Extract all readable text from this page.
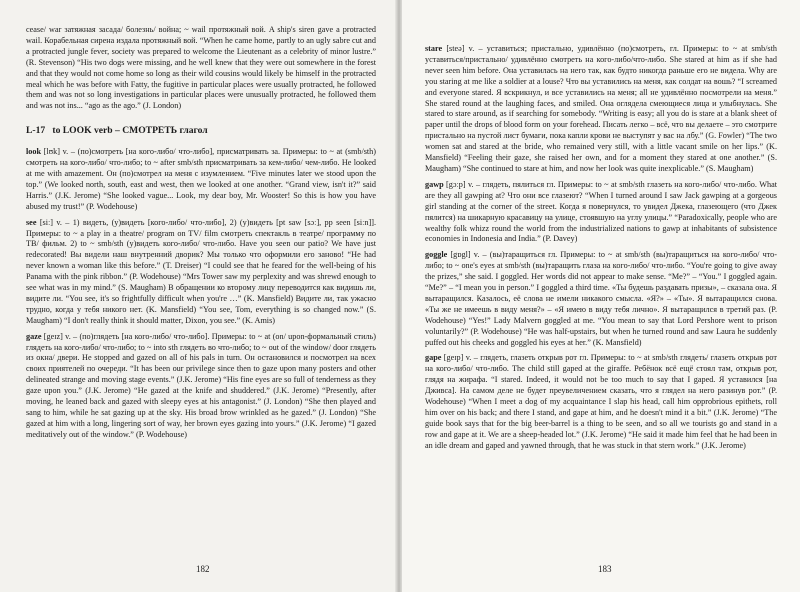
cease/ war затяжная засада/ болезнь/ война; ~ wail протяжный вой. A ship's siren gave a protracted wail. Корабельная сирена издала протяжный вой. “When he came home, partly to an ugly sabre cut and a protracted jungle fever, society was prepared to welcome the Lieutenant as a celebrity of minor lustre.” (R. Stevenson) “His two dogs were missing, and he well knew that they were out somewhere in the forest and that they would not come home so long as their wild cousins would likely be himself in the protracted meal which he was before with Fatty, the fugitive in particular places were usually protracted, he followed them and was not so long investigations in particular places were unusually protracted, he followed them and was not ins... “ago as the ago.” (J. London)

L-17 to LOOK verb – СМОТРЕТЬ глагол

look [lʊk] v. – (по)смотреть [на кого-либо/ что-либо], присматривать за. Примеры: to ~ at (smb/sth) смотреть на кого-либо/ что-либо; to ~ after smb/sth присматривать за кем-либо/ чем-либо. He looked at me with amazement. Он (по)смотрел на меня с изумлением. “Five minutes later we stood upon the top.” (We looked north, south, east and west, then we looked at one another. “Grand view, isn't it?” said Harris.” (J.K. Jerome) “She looked vague... Look, my dear boy, Mr. Wooster! So this is how you have abused my trust!” (P. Wodehouse)

see [siː] v. – 1) видеть, (у)видеть [кого-либо/ что-либо], 2) (у)видеть [pt saw [sɔː], pp seen [siːn]]. Примеры: to ~ a play in a theatre/ program on TV/ film смотреть спектакль в театре/ программу по ТВ/ фильм. 2) to ~ smb/sth (у)видеть кого-либо/ что-либо. Have you seen our patio? We have just redecorated! Вы видели наш внутренний дворик? Мы только что оформили его заново! “He had never known a woman like this before.” (T. Dreiser) “I could see that he feared for the well-being of his Panama with the pink ribbon.” (P. Wodehouse) “Mrs Tower saw my perplexity and was shrewd enough to see what was in my mind.” (S. Maugham) В обращении ко второму лицу переводится как видишь ли, видите ли. “You see, it's so frightfully difficult when you're …” (K. Mansfield) Видите ли, так ужасно трудно, когда у тебя никого нет. (K. Mansfield) “You see, Tom, everything is so changed now.” (S. Maugham) “I don't really think it should matter, Dixon, you see.” (K. Amis)

gaze [geɪz] v. – (по)глядеть [на кого-либо/ что-либо]. Примеры: to ~ at (on/ upon-формальный стиль) глядеть на кого-либо/ что-либо; to ~ into sth глядеть во что-либо; to ~ out of the window/ door глядеть из окна/ двери. He stopped and gazed on all of his pals in turn. Он остановился и посмотрел на всех своих приятелей по очереди. “It has been our privilege since then to gaze upon many posters and other delineated strange and moving stage events.” (J.K. Jerome) “His fine eyes are so full of tenderness as they gaze upon you.” (J.K. Jerome) “He gazed at the knife and shuddered.” (J.K. Jerome) “Presently, after moving, he leaned back and gazed with sleepy eyes at his antagonist.” (J. London) “She then played and sang to him, while he sat gazing up at the sky. His broad brow wrinkled as he gazed.” (J. London) “She gazed at him with a long, lingering sort of way, her brown eyes gazing into yours.” (J.K. Jerome) “I gazed meditatively out of the window.” (P. Wodehouse)

182

stare [steə] v. – уставиться; пристально, удивлённо (по)смотреть, гл. Примеры: to ~ at smb/sth уставиться/пристально/ удивлённо смотреть на кого-либо/что-либо. She stared at him as if she had never seen him before. Она уставилась на него так, как будто никогда раньше его не видела. Why are you staring at me like a soldier at a louse? Что вы уставились на меня, как солдат на вошь? “I screamed and everyone stared. Я вскрикнул, и все уставились на меня; all не удивлённо посмотрели на меня.” She stared round at the laughing faces, and smiled. Она оглядела смеющиеся лица и улыбнулась. She stared to stare around, as if searching for somebody. “Writing is easy; all you do is stare at a blank sheet of paper until the drops of blood form on your forehead. Писать легко – всё, что вы делаете – это смотрите пристально на пустой лист бумаги, пока капли крови не выступят у вас на лбу.” (G. Fowler) “The two women sat and stared at the bride, who remained very still, with a little vacant smile on her lips.” (K. Mansfield) “Feeling their gaze, she raised her own, and for a moment they stared at one another.” (S. Maugham) “She continued to stare at him, and now her look was quite inexplicable.” (S. Maugham)

gawp [gɔːp] v. – глядеть, пялиться гл. Примеры: to ~ at smb/sth глазеть на кого-либо/ что-либо. What are they all gawping at? Что они все глазеют? “When I turned around I saw Jack gawping at a gorgeous girl standing at the corner of the street. Когда я повернулся, то увидел Джека, глазеющего (что Джек пялится) на шикарную красавицу на улице, стоявшую на углу улицы.” “Paradoxically, people who are wealthy folk whizz round the world from the industrialized nations to gawp at inhabitants of subsistence economies in Indonesia and India.” (P. Davey)

goggle [gɒgl] v. – (вы)таращиться гл. Примеры: to ~ at smb/sth (вы)таращиться на кого-либо/ что-либо; to ~ one's eyes at smb/sth (вы)таращить глаза на кого-либо/ что-либо. “You're going to give away the prizes,” she said. I goggled. Her words did not appear to make sense. “Me?” – “You.” I goggled again. “Me?” – “I mean you in person.” I goggled a third time. «Ты будешь раздавать призы», – сказала она. Я вытаращился. Казалось, её слова не имели никакого смысла. «Я?» – «Ты». Я вытаращился снова. «Ты же не имеешь в виду меня?» – «Я имею в виду тебя лично». Я вытаращился в третий раз. (P. Wodehouse) “Yes!” Lady Malvern goggled at me. “You mean to say that Lord Pershore went to prison voluntarily?” (P. Wodehouse) “He was half-upstairs, but when he turned round and saw Laura he suddenly puffed out his cheeks and goggled his eyes at her.” (K. Mansfield)

gape [geɪp] v. – глядеть, глазеть открыв рот гл. Примеры: to ~ at smb/sth глядеть/ глазеть открыв рот на кого-либо/ что-либо. The child still gaped at the giraffe. Ребёнок всё ещё стоял там, открыв рот, глядя на жирафа. “I stared. Indeed, it would not be too much to say that I gaped. Я уставился [на Дживса]. На самом деле не будет преувеличением сказать, что я глядел на него разинув рот.” (P. Wodehouse) “When I meet a dog of my acquaintance I slap his head, call him opprobrious epithets, roll him over on his back; and there I stand, and gape at him, and he doesn't mind it a bit.” (J.K. Jerome) “The guide book says that for the big beer-barrel is a thing to be seen, and so all we tourists go and stand in a row and gape at it. We are a sheep-headed lot.” (J.K. Jerome) “He said it made him feel that he had been in an idle dream and gaped and yawned through, that he was stuck in that stern work.” (J.K. Jerome)

183
